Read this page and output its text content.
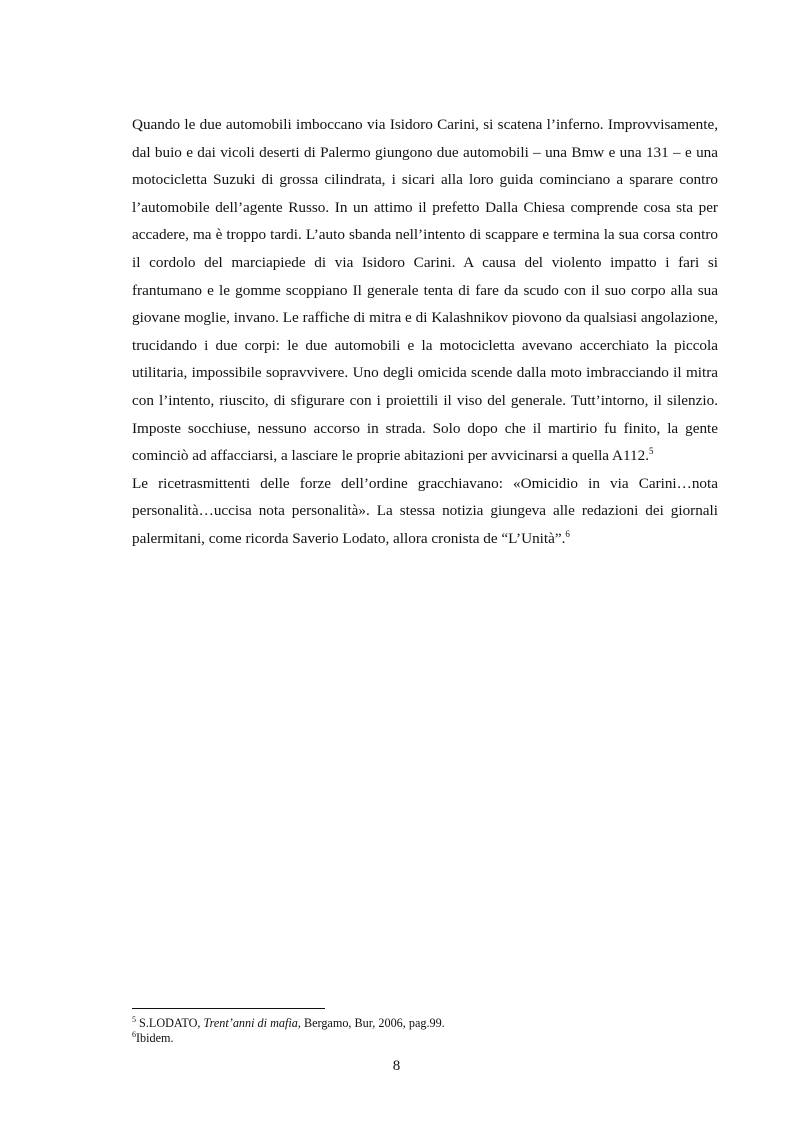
Quando le due automobili imboccano via Isidoro Carini, si scatena l’inferno. Improvvisamente, dal buio e dai vicoli deserti di Palermo giungono due automobili – una Bmw e una 131 – e una motocicletta Suzuki di grossa cilindrata, i sicari alla loro guida cominciano a sparare contro l’automobile dell’agente Russo. In un attimo il prefetto Dalla Chiesa comprende cosa sta per accadere, ma è troppo tardi. L’auto sbanda nell’intento di scappare e termina la sua corsa contro il cordolo del marciapiede di via Isidoro Carini. A causa del violento impatto i fari si frantumano e le gomme scoppiano Il generale tenta di fare da scudo con il suo corpo alla sua giovane moglie, invano. Le raffiche di mitra e di Kalashnikov piovono da qualsiasi angolazione, trucidando i due corpi: le due automobili e la motocicletta avevano accerchiato la piccola utilitaria, impossibile sopravvivere. Uno degli omicida scende dalla moto imbracciando il mitra con l’intento, riuscito, di sfigurare con i proiettili il viso del generale. Tutt’intorno, il silenzio. Imposte socchiuse, nessuno accorso in strada. Solo dopo che il martirio fu finito, la gente cominciò ad affacciarsi, a lasciare le proprie abitazioni per avvicinarsi a quella A112.$^5$

Le ricetrasmittenti delle forze dell’ordine gracchiavano: «Omicidio in via Carini…nota personalità…uccisa nota personalità». La stessa notizia giungeva alle redazioni dei giornali palermitani, come ricorda Saverio Lodato, allora cronista de “L’Unità”.$^6$

$^5$ S.LODATO, Trent’anni di mafia, Bergamo, Bur, 2006, pag.99.
$^6$Ibidem.
8
